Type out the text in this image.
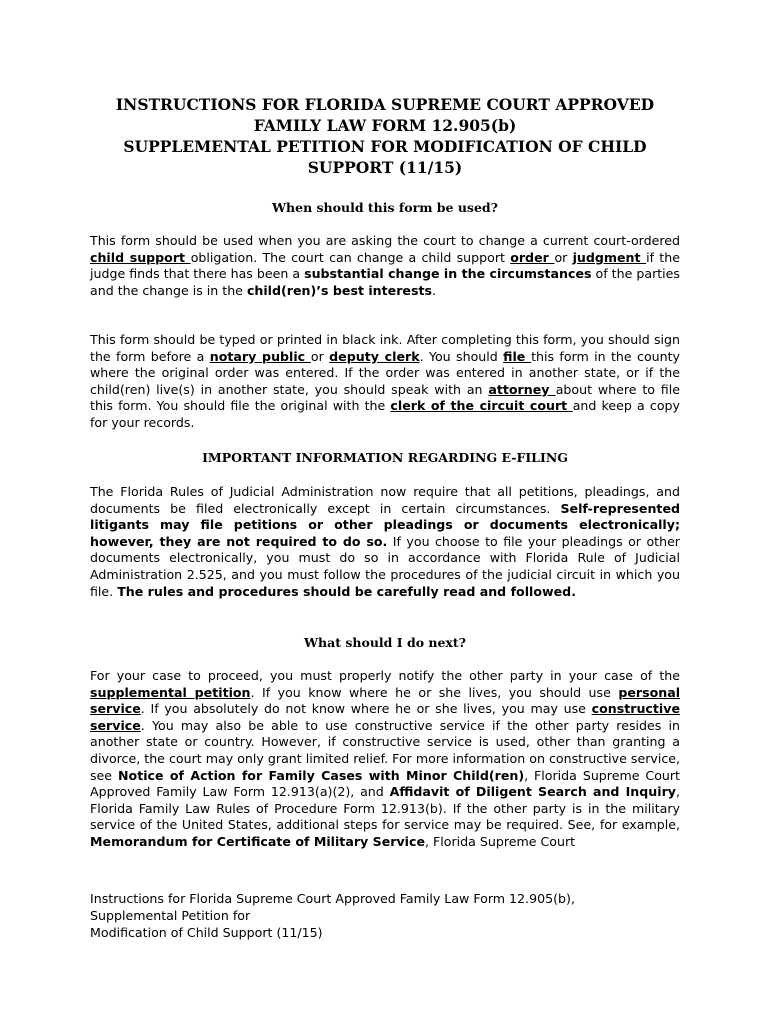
INSTRUCTIONS FOR FLORIDA SUPREME COURT APPROVED
FAMILY LAW FORM 12.905(b)
SUPPLEMENTAL PETITION FOR MODIFICATION OF CHILD
SUPPORT (11/15)
When should this form be used?

This form should be used when you are asking the court to change a current court-ordered child support obligation. The court can change a child support order or judgment if the judge finds that there has been a substantial change in the circumstances of the parties and the change is in the child(ren)’s best interests.

This form should be typed or printed in black ink. After completing this form, you should sign the form before a notary public or deputy clerk. You should file this form in the county where the original order was entered. If the order was entered in another state, or if the child(ren) live(s) in another state, you should speak with an attorney about where to file this form. You should file the original with the clerk of the circuit court and keep a copy for your records.

IMPORTANT INFORMATION REGARDING E-FILING

The Florida Rules of Judicial Administration now require that all petitions, pleadings, and documents be filed electronically except in certain circumstances. Self-represented litigants may file petitions or other pleadings or documents electronically; however, they are not required to do so. If you choose to file your pleadings or other documents electronically, you must do so in accordance with Florida Rule of Judicial Administration 2.525, and you must follow the procedures of the judicial circuit in which you file. The rules and procedures should be carefully read and followed.

What should I do next?

For your case to proceed, you must properly notify the other party in your case of the supplemental petition. If you know where he or she lives, you should use personal service. If you absolutely do not know where he or she lives, you may use constructive service. You may also be able to use constructive service if the other party resides in another state or country. However, if constructive service is used, other than granting a divorce, the court may only grant limited relief. For more information on constructive service, see Notice of Action for Family Cases with Minor Child(ren), Florida Supreme Court Approved Family Law Form 12.913(a)(2), and Affidavit of Diligent Search and Inquiry, Florida Family Law Rules of Procedure Form 12.913(b). If the other party is in the military service of the United States, additional steps for service may be required. See, for example, Memorandum for Certificate of Military Service, Florida Supreme Court

Instructions for Florida Supreme Court Approved Family Law Form 12.905(b),
Supplemental Petition for
Modification of Child Support (11/15)
